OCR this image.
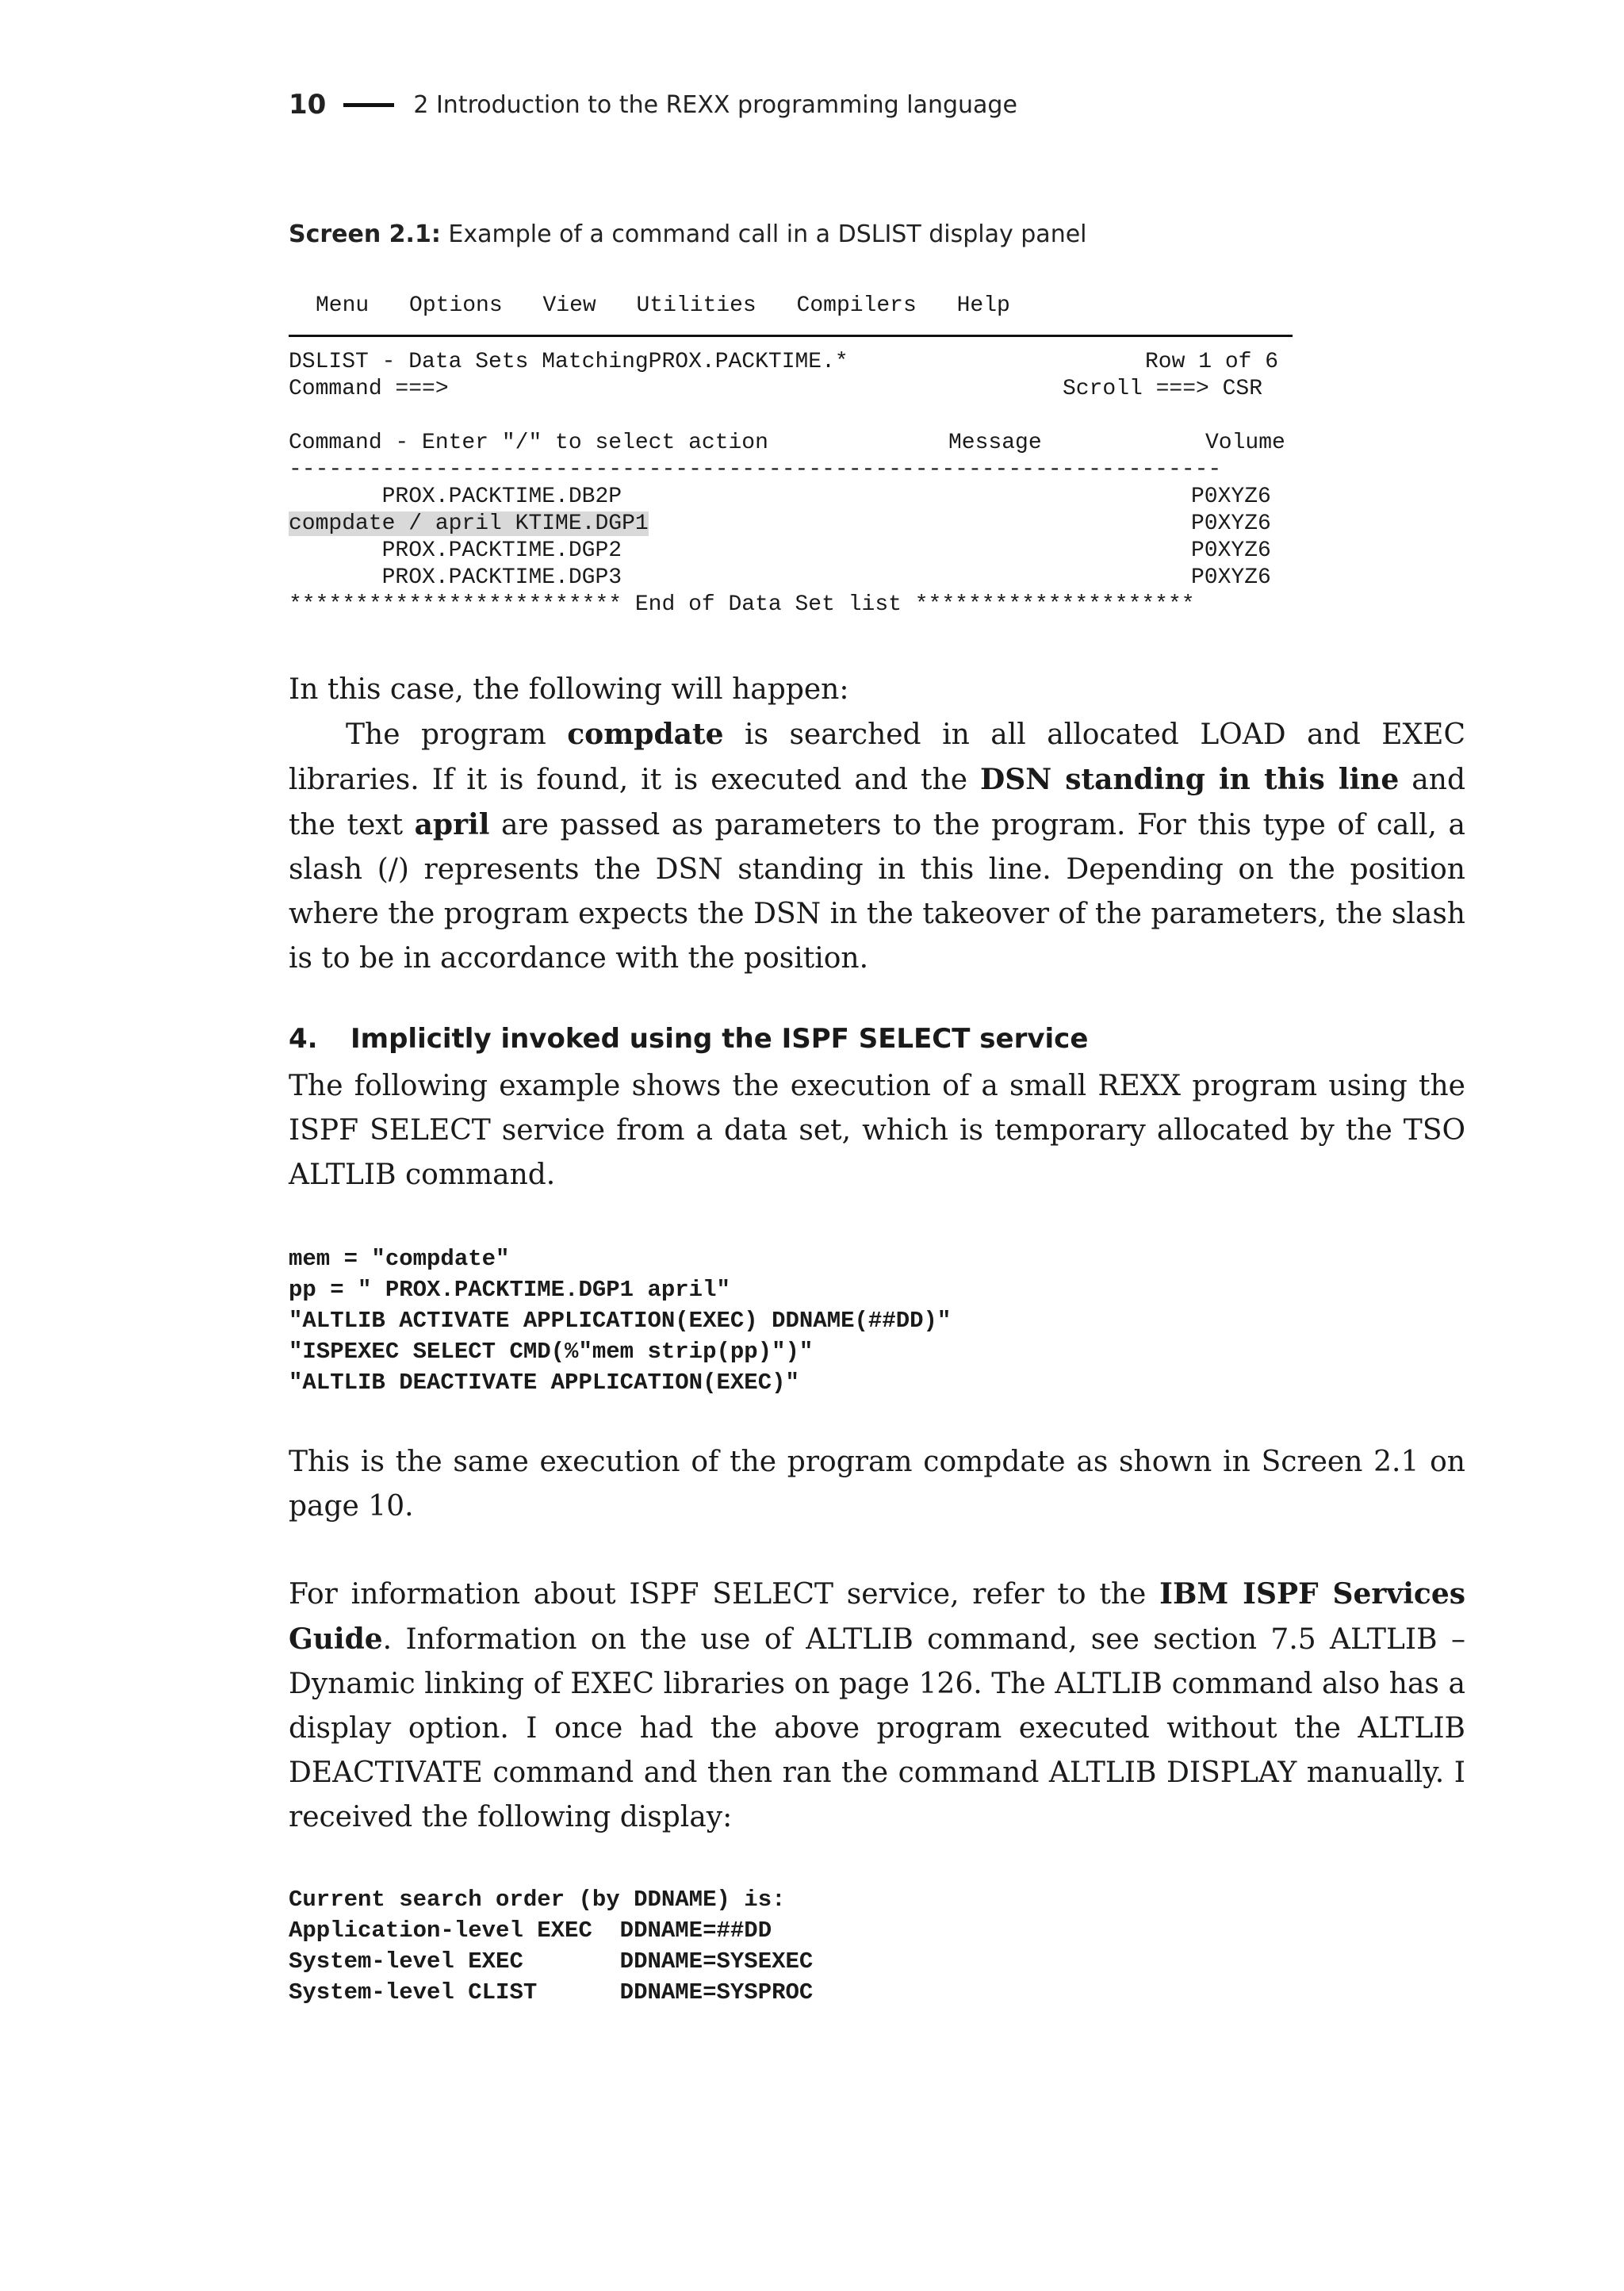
10	2 Introduction to the REXX programming language
Screen 2.1: Example of a command call in a DSLIST display panel
Menu Options View Utilities Compilers Help
DSLIST - Data Sets MatchingPROX.PACKTIME.*	Row 1 of 6
Command ===>	Scroll ===> CSR
Command - Enter "/" to select action	Message	Volume
----------------------------------------------------------------------
PROX.PACKTIME.DB2P	P0XYZ6
compdate / april KTIME.DGP1	P0XYZ6
PROX.PACKTIME.DGP2	P0XYZ6
PROX.PACKTIME.DGP3	P0XYZ6
************************* End of Data Set list *********************

In this case, the following will happen:

The program compdate is searched in all allocated LOAD and EXEC libraries. If it is found, it is executed and the DSN standing in this line and the text april are passed as parameters to the program. For this type of call, a slash (/) represents the DSN standing in this line. Depending on the position where the program expects the DSN in the takeover of the parameters, the slash is to be in accordance with the position.

4. Implicitly invoked using the ISPF SELECT service

The following example shows the execution of a small REXX program using the ISPF SELECT service from a data set, which is temporary allocated by the TSO ALTLIB command.

mem = "compdate"
pp = " PROX.PACKTIME.DGP1 april"
"ALTLIB ACTIVATE APPLICATION(EXEC) DDNAME(##DD)"
"ISPEXEC SELECT CMD(%"mem strip(pp)")"
"ALTLIB DEACTIVATE APPLICATION(EXEC)"

This is the same execution of the program compdate as shown in Screen 2.1 on page 10.

For information about ISPF SELECT service, refer to the IBM ISPF Services Guide. Information on the use of ALTLIB command, see section 7.5 ALTLIB – Dynamic linking of EXEC libraries on page 126. The ALTLIB command also has a display option. I once had the above program executed without the ALTLIB DEACTIVATE command and then ran the command ALTLIB DISPLAY manually. I received the following display:

Current search order (by DDNAME) is:
Application-level EXEC  DDNAME=##DD
System-level EXEC       DDNAME=SYSEXEC
System-level CLIST      DDNAME=SYSPROC
